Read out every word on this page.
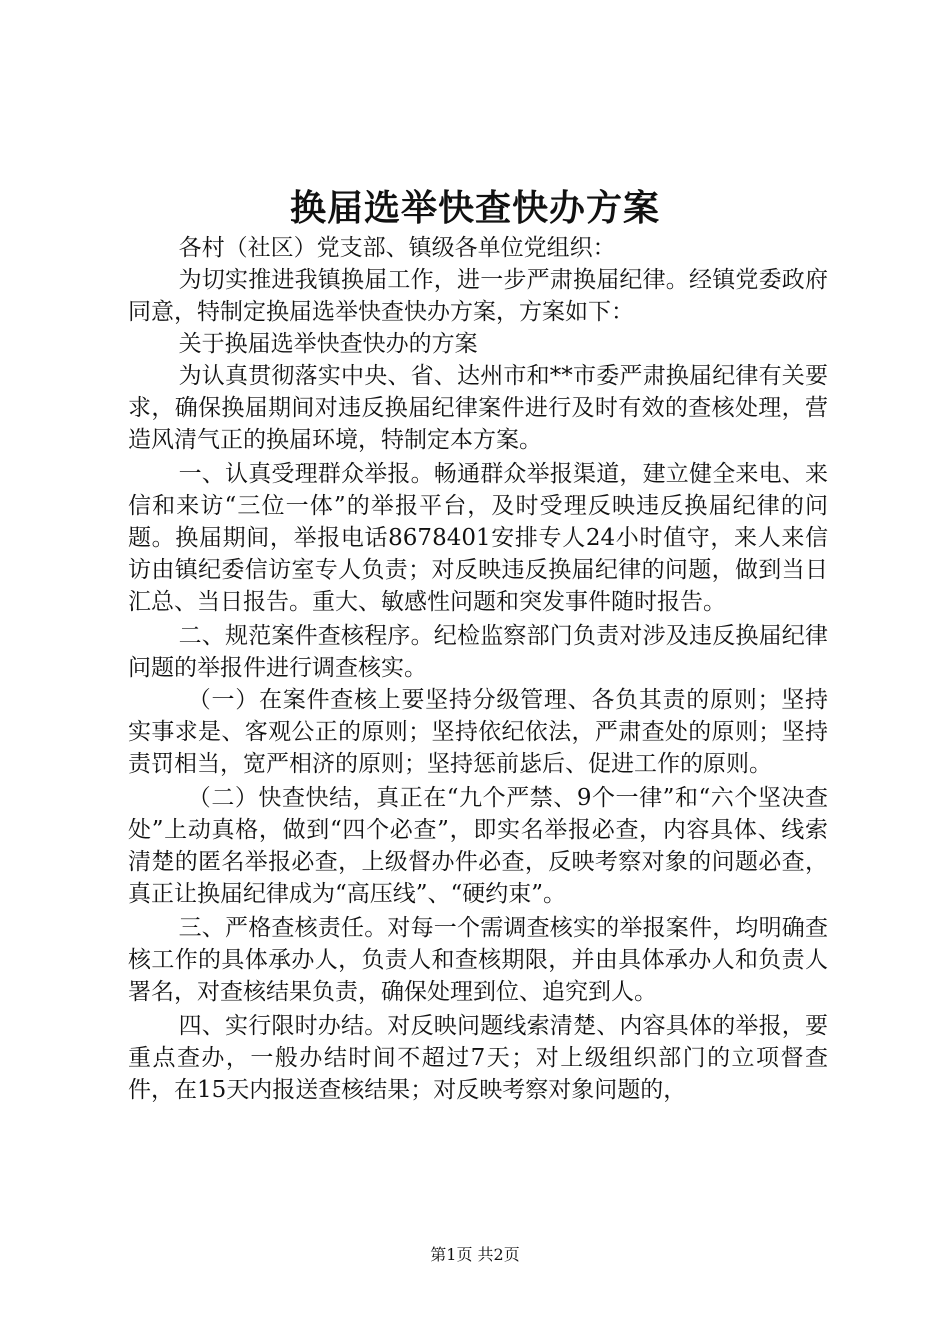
换届选举快查快办方案

各村（社区）党支部、镇级各单位党组织：

为切实推进我镇换届工作，进一步严肃换届纪律。经镇党委政府同意，特制定换届选举快查快办方案，方案如下：

关于换届选举快查快办的方案

为认真贯彻落实中央、省、达州市和**市委严肃换届纪律有关要求，确保换届期间对违反换届纪律案件进行及时有效的查核处理，营造风清气正的换届环境，特制定本方案。

一、认真受理群众举报。畅通群众举报渠道，建立健全来电、来信和来访“三位一体”的举报平台，及时受理反映违反换届纪律的问题。换届期间，举报电话8678401安排专人24小时值守，来人来信访由镇纪委信访室专人负责；对反映违反换届纪律的问题，做到当日汇总、当日报告。重大、敏感性问题和突发事件随时报告。

二、规范案件查核程序。纪检监察部门负责对涉及违反换届纪律问题的举报件进行调查核实。

（一）在案件查核上要坚持分级管理、各负其责的原则；坚持实事求是、客观公正的原则；坚持依纪依法，严肃查处的原则；坚持责罚相当，宽严相济的原则；坚持惩前毖后、促进工作的原则。

（二）快查快结，真正在“九个严禁、9个一律”和“六个坚决查处”上动真格，做到“四个必查”，即实名举报必查，内容具体、线索清楚的匿名举报必查，上级督办件必查，反映考察对象的问题必查，真正让换届纪律成为“高压线”、“硬约束”。

三、严格查核责任。对每一个需调查核实的举报案件，均明确查核工作的具体承办人，负责人和查核期限，并由具体承办人和负责人署名，对查核结果负责，确保处理到位、追究到人。

四、实行限时办结。对反映问题线索清楚、内容具体的举报，要重点查办，一般办结时间不超过7天；对上级组织部门的立项督查件，在15天内报送查核结果；对反映考察对象问题的，

第1页 共2页
